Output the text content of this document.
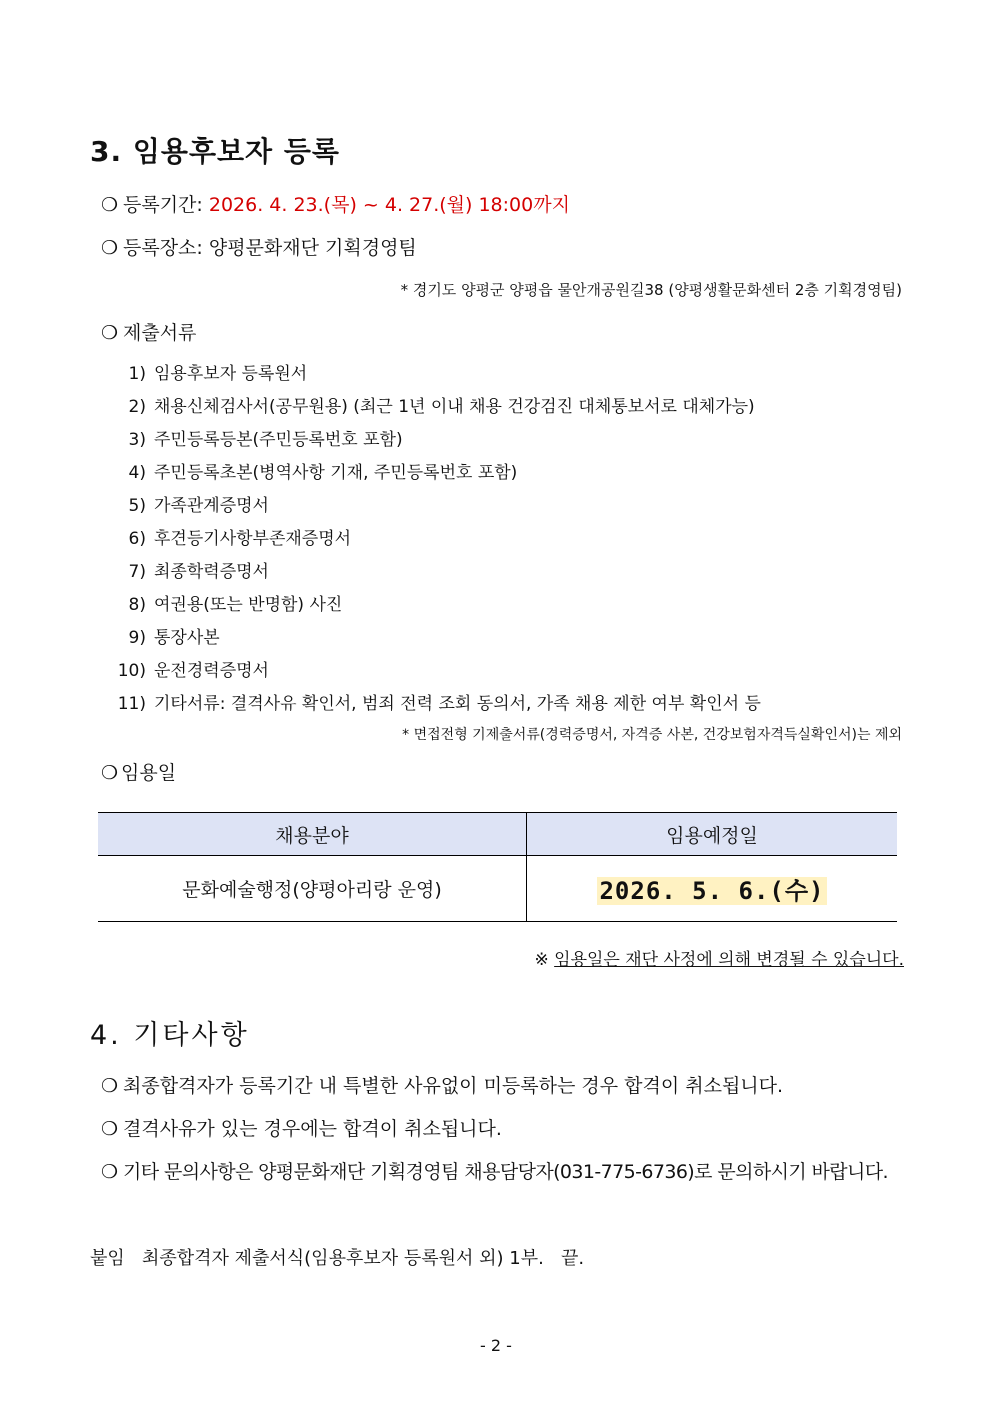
3. 임용후보자 등록
❍ 등록기간: 2026. 4. 23.(목) ~ 4. 27.(월) 18:00까지
❍ 등록장소: 양평문화재단 기획경영팀
* 경기도 양평군 양평읍 물안개공원길38 (양평생활문화센터 2층 기획경영팀)
❍ 제출서류
1) 임용후보자 등록원서
2) 채용신체검사서(공무원용) (최근 1년 이내 채용 건강검진 대체통보서로 대체가능)
3) 주민등록등본(주민등록번호 포함)
4) 주민등록초본(병역사항 기재, 주민등록번호 포함)
5) 가족관계증명서
6) 후견등기사항부존재증명서
7) 최종학력증명서
8) 여권용(또는 반명함) 사진
9) 통장사본
10) 운전경력증명서
11) 기타서류: 결격사유 확인서, 범죄 전력 조회 동의서, 가족 채용 제한 여부 확인서 등
* 면접전형 기제출서류(경력증명서, 자격증 사본, 건강보험자격득실확인서)는 제외
❍ 임용일
채용분야	임용예정일
문화예술행정(양평아리랑 운영)	2026. 5. 6.(수)
※ 임용일은 재단 사정에 의해 변경될 수 있습니다.
4. 기타사항
❍ 최종합격자가 등록기간 내 특별한 사유없이 미등록하는 경우 합격이 취소됩니다.
❍ 결격사유가 있는 경우에는 합격이 취소됩니다.
❍ 기타 문의사항은 양평문화재단 기획경영팀 채용담당자(031-775-6736)로 문의하시기 바랍니다.
붙임   최종합격자 제출서식(임용후보자 등록원서 외) 1부.   끝.
- 2 -
